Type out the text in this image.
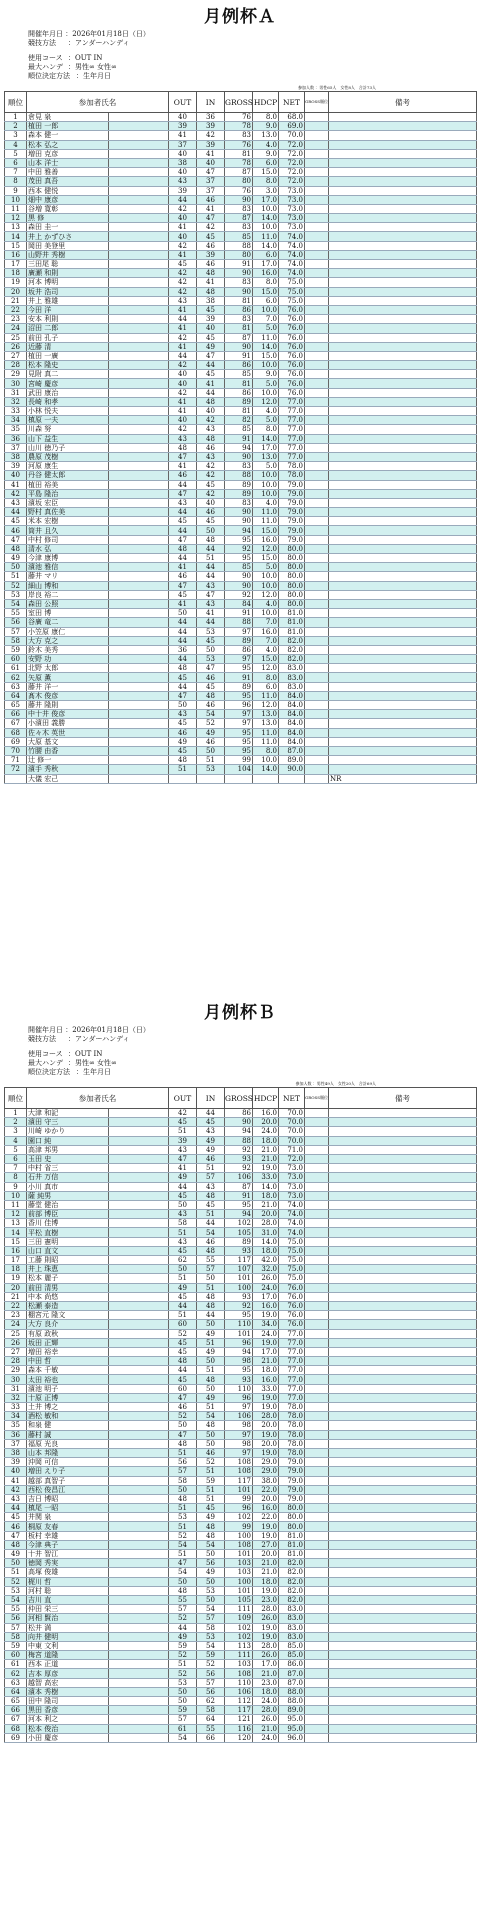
月例杯Ａ
開催年月日 ：2026年01月18日（日）
競技方法 ：アンダーハンディ
使用コース ：OUT IN
最大ハンデ ：男性∞ 女性∞
順位決定方法 ：生年月日
参加人数 ：男性65人　女性8人　合計73人
順位	参加者氏名		OUT	IN	GROSS	HDCP	NET	GROSS順位	備考
1	倉見 泉		40	36	76	8.0	68.0		
2	植田 一郎		39	39	78	9.0	69.0		
3	森本 健一		41	42	83	13.0	70.0		
4	松本 弘之		37	39	76	4.0	72.0		
5	増田 克彦		40	41	81	9.0	72.0		
6	山本 洋士		38	40	78	6.0	72.0		
7	中田 雅善		40	47	87	15.0	72.0		
8	茂田 真吾		43	37	80	8.0	72.0		
9	西本 健悦		39	37	76	3.0	73.0		
10	畑中 康彦		44	46	90	17.0	73.0		
11	谷増 寛彰		42	41	83	10.0	73.0		
12	黒 修		40	47	87	14.0	73.0		
13	森田 圭一		41	42	83	10.0	73.0		
14	井上 かずひさ		40	45	85	11.0	74.0		
15	岡田 美登里		42	46	88	14.0	74.0		
16	山野井 秀樹		41	39	80	6.0	74.0		
17	三田尾 聡		45	46	91	17.0	74.0		
18	廣瀬 和則		42	48	90	16.0	74.0		
19	河本 博明		42	41	83	8.0	75.0		
20	坂井 浩司		42	48	90	15.0	75.0		
21	井上 雅雄		43	38	81	6.0	75.0		
22	今田 洋		41	45	86	10.0	76.0		
23	安本 利則		44	39	83	7.0	76.0		
24	沼田 二郎		41	40	81	5.0	76.0		
25	前田 孔子		42	45	87	11.0	76.0		
26	近藤 清		41	49	90	14.0	76.0		
27	植田 一廣		44	47	91	15.0	76.0		
28	松本 隆史		42	44	86	10.0	76.0		
29	見附 真二		40	45	85	9.0	76.0		
30	宮崎 慶彦		40	41	81	5.0	76.0		
31	武田 康治		42	44	86	10.0	76.0		
32	長崎 和孝		41	48	89	12.0	77.0		
33	小林 悦夫		41	40	81	4.0	77.0		
34	槙原 一夫		40	42	82	5.0	77.0		
35	川森 努		42	43	85	8.0	77.0		
36	山下 益生		43	48	91	14.0	77.0		
37	山川 徳乃子		48	46	94	17.0	77.0		
38	農原 茂樹		47	43	90	13.0	77.0		
39	河原 康生		41	42	83	5.0	78.0		
40	丹谷 健太郎		46	42	88	10.0	78.0		
41	植田 裕美		44	45	89	10.0	79.0		
42	平島 隆治		47	42	89	10.0	79.0		
43	濱坂 宏臣		43	40	83	4.0	79.0		
44	野村 真佐美		44	46	90	11.0	79.0		
45	米本 宏樹		45	45	90	11.0	79.0		
46	筒井 且久		44	50	94	15.0	79.0		
47	中村 修司		47	48	95	16.0	79.0		
48	清水 弘		48	44	92	12.0	80.0		
49	今津 康博		44	51	95	15.0	80.0		
50	濱池 雅信		41	44	85	5.0	80.0		
51	藤井 マリ		46	44	90	10.0	80.0		
52	細山 博和		47	43	90	10.0	80.0		
53	岸良 裕二		45	47	92	12.0	80.0		
54	森田 公照		41	43	84	4.0	80.0		
55	室田 博		50	41	91	10.0	81.0		
56	谷廣 竜二		44	44	88	7.0	81.0		
57	小笠原 康仁		44	53	97	16.0	81.0		
58	大方 克之		44	45	89	7.0	82.0		
59	鈴木 美秀		36	50	86	4.0	82.0		
60	安野 功		44	53	97	15.0	82.0		
61	北野 太郎		48	47	95	12.0	83.0		
62	矢原 薫		45	46	91	8.0	83.0		
63	藤井 洋一		44	45	89	6.0	83.0		
64	髙木 俊彦		47	48	95	11.0	84.0		
65	藤井 隆則		50	46	96	12.0	84.0		
66	中十井 俊彦		43	54	97	13.0	84.0		
67	小濱田 義勝		45	52	97	13.0	84.0		
68	佐々木 英世		46	49	95	11.0	84.0		
69	大原 基文		49	46	95	11.0	84.0		
70	竹腰 由香		45	50	95	8.0	87.0		
71	辻 修一		48	51	99	10.0	89.0		
72	濱手 秀秋		51	53	104	14.0	90.0		
	大儀 宏己								NR
月例杯Ｂ
開催年月日 ：2026年01月18日（日）
競技方法 ：アンダーハンディ
使用コース ：OUT IN
最大ハンデ ：男性∞ 女性∞
順位決定方法 ：生年月日
参加人数 ：男性49人　女性20人　合計69人
順位	参加者氏名		OUT	IN	GROSS	HDCP	NET	GROSS順位	備考
1	大津 和記		42	44	86	16.0	70.0		
2	濱田 守三		45	45	90	20.0	70.0		
3	川崎 ゆかり		51	43	94	24.0	70.0		
4	園口 純		39	49	88	18.0	70.0		
5	高津 邦男		43	49	92	21.0	71.0		
6	玉田 史		47	46	93	21.0	72.0		
7	中村 省三		41	51	92	19.0	73.0		
8	石井 万信		49	57	106	33.0	73.0		
9	小川 真市		44	43	87	14.0	73.0		
10	薩 純男		45	48	91	18.0	73.0		
11	藤堂 健治		50	45	95	21.0	74.0		
12	前部 博臣		43	51	94	20.0	74.0		
13	香川 佳博		58	44	102	28.0	74.0		
14	平松 直樹		51	54	105	31.0	74.0		
15	三田 憲明		43	46	89	14.0	75.0		
16	山口 直文		45	48	93	18.0	75.0		
17	工藤 則昭		62	55	117	42.0	75.0		
18	井上 珠恵		50	57	107	32.0	75.0		
19	松本 麗子		51	50	101	26.0	75.0		
20	前田 清男		49	51	100	24.0	76.0		
21	中本 尚悠		45	48	93	17.0	76.0		
22	松瀬 泰造		44	48	92	16.0	76.0		
23	棚宮元 隆文		51	44	95	19.0	76.0		
24	大方 良介		60	50	110	34.0	76.0		
25	有原 政秋		52	49	101	24.0	77.0		
26	坂田 正輝		45	51	96	19.0	77.0		
27	増田 裕幸		45	49	94	17.0	77.0		
28	中田 哲		48	50	98	21.0	77.0		
29	森本 千敏		44	51	95	18.0	77.0		
30	太田 裕也		45	48	93	16.0	77.0		
31	濱池 明子		60	50	110	33.0	77.0		
32	十原 正博		47	49	96	19.0	77.0		
33	土井 博之		46	51	97	19.0	78.0		
34	酒松 敏和		52	54	106	28.0	78.0		
35	和泉 健		50	48	98	20.0	78.0		
36	藤村 誠		47	50	97	19.0	78.0		
37	福原 光良		48	50	98	20.0	78.0		
38	山本 邦隆		51	46	97	19.0	78.0		
39	沖岡 可信		56	52	108	29.0	79.0		
40	増田 えり子		57	51	108	29.0	79.0		
41	越部 真智子		58	59	117	38.0	79.0		
42	西松 俊昌江		50	51	101	22.0	79.0		
43	吉日 博昭		48	51	99	20.0	79.0		
44	槙尾 一昭		51	45	96	16.0	80.0		
45	井関 泉		53	49	102	22.0	80.0		
46	桐原 友春		51	48	99	19.0	80.0		
47	板村 幸雄		52	48	100	19.0	81.0		
48	今津 典子		54	54	108	27.0	81.0		
49	十井 智江		51	50	101	20.0	81.0		
50	徳岡 秀実		47	56	103	21.0	82.0		
51	高塚 俊雄		54	49	103	21.0	82.0		
52	梶川 哲		50	50	100	18.0	82.0		
53	河村 聡		48	53	101	19.0	82.0		
54	吉川 直		55	50	105	23.0	82.0		
55	仲田 栄三		57	54	111	28.0	83.0		
56	河相 賢治		52	57	109	26.0	83.0		
57	松井 満		44	58	102	19.0	83.0		
58	向井 健明		49	53	102	19.0	83.0		
59	中東 文利		59	54	113	28.0	85.0		
60	梅宮 道隆		52	59	111	26.0	85.0		
61	西本 正道		51	52	103	17.0	86.0		
62	吉本 厚彦		52	56	108	21.0	87.0		
63	越智 高宏		53	57	110	23.0	87.0		
64	濱本 秀樹		50	56	106	18.0	88.0		
65	田中 隆司		50	62	112	24.0	88.0		
66	黒田 香彦		59	58	117	28.0	89.0		
67	河本 利之		57	64	121	26.0	95.0		
68	松本 俊治		61	55	116	21.0	95.0		
69	小田 慶彦		54	66	120	24.0	96.0		
